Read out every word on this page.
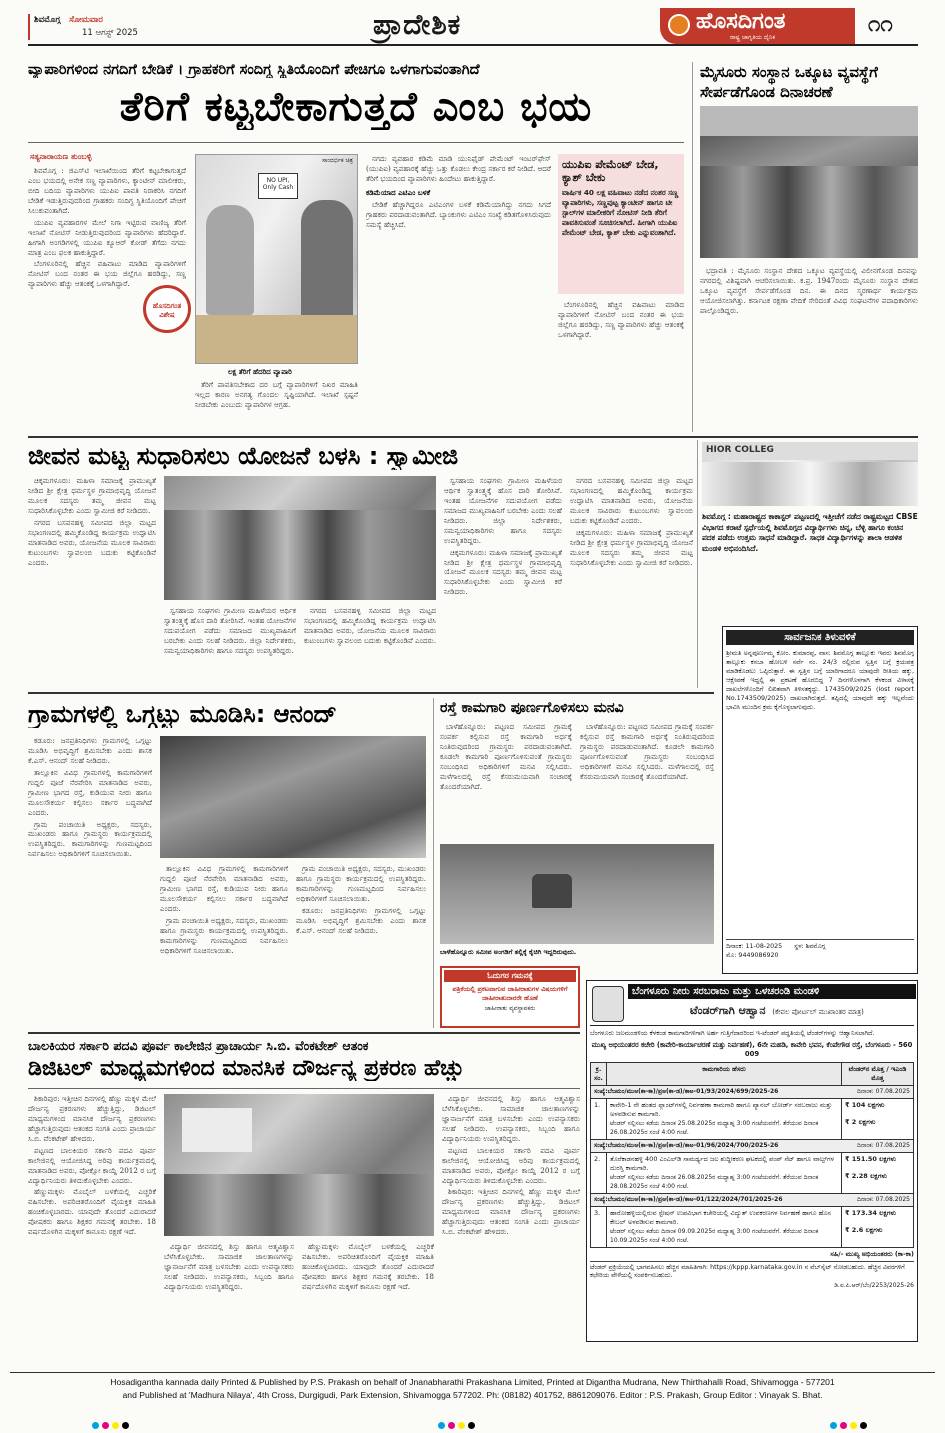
ಶಿವಮೊಗ್ಗ ಸೋಮವಾರ
11 ಆಗಸ್ಟ್ 2025	ಪ್ರಾದೇಶಿಕ	ಹೊಸದಿಗಂತ
ರಾಷ್ಟ್ರ ಜಾಗೃತಿಯ ದೈನಿಕ
೧೧
ವ್ಯಾಪಾರಿಗಳಿಂದ ನಗದಿಗೆ ಬೇಡಿಕೆ । ಗ್ರಾಹಕರಿಗೆ ಸಂದಿಗ್ಧ ಸ್ಥಿತಿಯೊಂದಿಗೆ ಪೇಚಿಗೂ ಒಳಗಾಗುವಂತಾಗಿದೆ
ತೆರಿಗೆ ಕಟ್ಟಬೇಕಾಗುತ್ತದೆ ಎಂಬ ಭಯ
ಸತ್ಯನಾರಾಯಣ ತುಂಬಳ್ಳಿ

ಶಿವಮೊಗ್ಗ : ಜಿಎಸ್‌ಟಿ ಇಲಾಖೆಯಿಂದ ತೆರಿಗೆ ಕಟ್ಟಬೇಕಾಗುತ್ತದೆ ಎಂಬ ಭಯದಲ್ಲಿ ಅನೇಕ ಸಣ್ಣ ವ್ಯಾಪಾರಿಗಳು, ಕ್ಯಾಂಟೀನ್ ಮಾಲೀಕರು, ಬೀದಿ ಬದಿಯ ವ್ಯಾಪಾರಿಗಳು ಯುಪಿಐ ಪಾವತಿ ನಿರಾಕರಿಸಿ ನಗದಿಗೆ ಬೇಡಿಕೆ ಇಡುತ್ತಿರುವುದರಿಂದ ಗ್ರಾಹಕರು ಸಂದಿಗ್ಧ ಸ್ಥಿತಿಯೊಂದಿಗೆ ಪೇಚಿಗೆ ಸಿಲುಕುವಂತಾಗಿದೆ.

ಯುಪಿಐ ವ್ಯವಹಾರಗಳ ಮೇಲೆ ನಿಗಾ ಇಟ್ಟಿರುವ ವಾಣಿಜ್ಯ ತೆರಿಗೆ ಇಲಾಖೆ ನೋಟಿಸ್ ನೀಡುತ್ತಿರುವುದರಿಂದ ವ್ಯಾಪಾರಿಗಳು ಹೆದರಿದ್ದಾರೆ. ಹೀಗಾಗಿ ಅಂಗಡಿಗಳಲ್ಲಿ ಯುಪಿಐ ಕ್ಯೂಆರ್ ಕೋಡ್ ತೆಗೆದು ನಗದು ಮಾತ್ರ ಎಂಬ ಫಲಕ ಹಾಕುತ್ತಿದ್ದಾರೆ.

ಬೆಂಗಳೂರಿನಲ್ಲಿ ಹೆಚ್ಚಿನ ವಹಿವಾಟು ಮಾಡಿದ ವ್ಯಾಪಾರಿಗಳಿಗೆ ನೋಟಿಸ್ ಬಂದ ನಂತರ ಈ ಭಯ ಜಿಲ್ಲೆಗೂ ಹರಡಿದ್ದು, ಸಣ್ಣ ವ್ಯಾಪಾರಿಗಳು ಹೆಚ್ಚು ಆತಂಕಕ್ಕೆ ಒಳಗಾಗಿದ್ದಾರೆ.

ಹೊಸದಿಗಂತ ವಿಶೇಷ
ಸಾಂದರ್ಭಿಕ ಚಿತ್ರ
NO UPI, Only Cash
ಲಕ್ಷ ತೆರಿಗೆ ಹೆದರಿದ ವ್ಯಾಪಾರಿ

ತೆರಿಗೆ ಪಾವತಿಸಬೇಕಾದ ದರ ಬಗ್ಗೆ ವ್ಯಾಪಾರಿಗಳಿಗೆ ನಿಖರ ಮಾಹಿತಿ ಇಲ್ಲದ ಕಾರಣ ಅನಗತ್ಯ ಗೊಂದಲ ಸೃಷ್ಟಿಯಾಗಿದೆ. ಇಲಾಖೆ ಸ್ಪಷ್ಟನೆ ನೀಡಬೇಕು ಎಂಬುದು ವ್ಯಾಪಾರಿಗಳ ಆಗ್ರಹ.

ನಗದು ವ್ಯವಹಾರ ಕಡಿಮೆ ಮಾಡಿ ಯುನಿಫೈಡ್ ಪೇಮೆಂಟ್ ಇಂಟರ್‌ಫೇಸ್ (ಯುಪಿಐ) ವ್ಯವಹಾರಕ್ಕೆ ಹೆಚ್ಚು ಒತ್ತು ಕೊಡಲು ಕೇಂದ್ರ ಸರ್ಕಾರ ಕರೆ ನೀಡಿದೆ. ಆದರೆ ತೆರಿಗೆ ಭಯದಿಂದ ವ್ಯಾಪಾರಿಗಳು ಹಿಂದೇಟು ಹಾಕುತ್ತಿದ್ದಾರೆ.

ಕಡಿಮೆಯಾದ ಎಟಿಎಂ ಬಳಕೆ

ಬೇಡಿಕೆ ಹೆಚ್ಚಾಗಿದ್ದರೂ ಎಟಿಎಂಗಳ ಬಳಕೆ ಕಡಿಮೆಯಾಗಿದ್ದು ನಗದು ಸಿಗದೆ ಗ್ರಾಹಕರು ಪರದಾಡುವಂತಾಗಿದೆ. ಬ್ಯಾಂಕುಗಳು ಎಟಿಎಂ ಸಂಖ್ಯೆ ಕಡಿತಗೊಳಿಸಿರುವುದು ಸಮಸ್ಯೆ ಹೆಚ್ಚಿಸಿದೆ.

ಯುಪಿಐ ಪೇಮೆಂಟ್ ಬೇಡ, ಕ್ಯಾಶ್ ಬೇಕು
ವಾರ್ಷಿಕ 40 ಲಕ್ಷ ವಹಿವಾಟು ನಡೆದ ನಂತರ ಸಣ್ಣ ವ್ಯಾಪಾರಿಗಳು, ಸಣ್ಣಪುಟ್ಟ ಕ್ಯಾಂಟೀನ್ ಹಾಗೂ ಟೀ ಸ್ಟಾಲ್‌ಗಳ ಮಾಲೀಕರಿಗೆ ನೋಟಿಸ್ ನೀಡಿ ತೆರಿಗೆ ಪಾವತಿಸುವಂತೆ ಸೂಚಿಸಲಾಗಿದೆ. ಹೀಗಾಗಿ ಯುಪಿಐ ಪೇಮೆಂಟ್ ಬೇಡ, ಕ್ಯಾಶ್ ಬೇಕು ಎನ್ನುವಂತಾಗಿದೆ.

ಬೆಂಗಳೂರಿನಲ್ಲಿ ಹೆಚ್ಚಿನ ವಹಿವಾಟು ಮಾಡಿದ ವ್ಯಾಪಾರಿಗಳಿಗೆ ನೋಟಿಸ್ ಬಂದ ನಂತರ ಈ ಭಯ ಜಿಲ್ಲೆಗೂ ಹರಡಿದ್ದು, ಸಣ್ಣ ವ್ಯಾಪಾರಿಗಳು ಹೆಚ್ಚು ಆತಂಕಕ್ಕೆ ಒಳಗಾಗಿದ್ದಾರೆ.

ಮೈಸೂರು ಸಂಸ್ಥಾನ ಒಕ್ಕೂಟ ವ್ಯವಸ್ಥೆಗೆ ಸೇರ್ಪಡೆಗೊಂಡ ದಿನಾಚರಣೆ
ಭದ್ರಾವತಿ : ಮೈಸೂರು ಸಂಸ್ಥಾನ ದೇಶದ ಒಕ್ಕೂಟ ವ್ಯವಸ್ಥೆಯಲ್ಲಿ ವಿಲೀನಗೊಂಡ ದಿನವನ್ನು ನಗರದಲ್ಲಿ ವಿಶಿಷ್ಟವಾಗಿ ಆಚರಿಸಲಾಯಿತು. ಕ.ಪ್ರ. 1947ರಂದು ಮೈಸೂರು ಸಂಸ್ಥಾನ ದೇಶದ ಒಕ್ಕೂಟ ವ್ಯವಸ್ಥೆಗೆ ಸೇರ್ಪಡೆಗೊಂಡ ದಿನ. ಈ ದಿನದ ಸ್ಮರಣಾರ್ಥ ಕಾರ್ಯಕ್ರಮ ಆಯೋಜಿಸಲಾಗಿತ್ತು. ಕರ್ನಾಟಕ ರಕ್ಷಣಾ ವೇದಿಕೆ ಸೇರಿದಂತೆ ವಿವಿಧ ಸಂಘಟನೆಗಳ ಪದಾಧಿಕಾರಿಗಳು ಪಾಲ್ಗೊಂಡಿದ್ದರು.
ಜೀವನ ಮಟ್ಟ ಸುಧಾರಿಸಲು ಯೋಜನೆ ಬಳಸಿ : ಸ್ವಾಮೀಜಿ

ಚಿಕ್ಕಮಗಳೂರು: ಮಹಿಳಾ ಸಮಾಜಕ್ಕೆ ಪ್ರಾಮುಖ್ಯತೆ ನೀಡಿದ ಶ್ರೀ ಕ್ಷೇತ್ರ ಧರ್ಮಸ್ಥಳ ಗ್ರಾಮಾಭಿವೃದ್ಧಿ ಯೋಜನೆ ಮೂಲಕ ಸದಸ್ಯರು ತಮ್ಮ ಜೀವನ ಮಟ್ಟ ಸುಧಾರಿಸಿಕೊಳ್ಳಬೇಕು ಎಂದು ಸ್ವಾಮೀಜಿ ಕರೆ ನೀಡಿದರು.

ನಗರದ ಬಸವನಹಳ್ಳಿ ಸಮೀಪದ ಜಿಲ್ಲಾ ಮಟ್ಟದ ಸಭಾಂಗಣದಲ್ಲಿ ಹಮ್ಮಿಕೊಂಡಿದ್ದ ಕಾರ್ಯಕ್ರಮ ಉದ್ಘಾಟಿಸಿ ಮಾತನಾಡಿದ ಅವರು, ಯೋಜನೆಯ ಮೂಲಕ ಸಾವಿರಾರು ಕುಟುಂಬಗಳು ಸ್ವಾವಲಂಬಿ ಬದುಕು ಕಟ್ಟಿಕೊಂಡಿವೆ ಎಂದರು.

ಸ್ವಸಹಾಯ ಸಂಘಗಳು ಗ್ರಾಮೀಣ ಮಹಿಳೆಯರ ಆರ್ಥಿಕ ಸ್ವಾತಂತ್ರ್ಯಕ್ಕೆ ಹೊಸ ದಾರಿ ತೋರಿಸಿವೆ. ಇಂತಹ ಯೋಜನೆಗಳ ಸದುಪಯೋಗ ಪಡೆದು ಸಮಾಜದ ಮುಖ್ಯವಾಹಿನಿಗೆ ಬರಬೇಕು ಎಂದು ಸಲಹೆ ನೀಡಿದರು. ಜಿಲ್ಲಾ ನಿರ್ದೇಶಕರು, ಸಮನ್ವಯಾಧಿಕಾರಿಗಳು ಹಾಗೂ ಸದಸ್ಯರು ಉಪಸ್ಥಿತರಿದ್ದರು.

ನಗರದ ಬಸವನಹಳ್ಳಿ ಸಮೀಪದ ಜಿಲ್ಲಾ ಮಟ್ಟದ ಸಭಾಂಗಣದಲ್ಲಿ ಹಮ್ಮಿಕೊಂಡಿದ್ದ ಕಾರ್ಯಕ್ರಮ ಉದ್ಘಾಟಿಸಿ ಮಾತನಾಡಿದ ಅವರು, ಯೋಜನೆಯ ಮೂಲಕ ಸಾವಿರಾರು ಕುಟುಂಬಗಳು ಸ್ವಾವಲಂಬಿ ಬದುಕು ಕಟ್ಟಿಕೊಂಡಿವೆ ಎಂದರು.

ಸ್ವಸಹಾಯ ಸಂಘಗಳು ಗ್ರಾಮೀಣ ಮಹಿಳೆಯರ ಆರ್ಥಿಕ ಸ್ವಾತಂತ್ರ್ಯಕ್ಕೆ ಹೊಸ ದಾರಿ ತೋರಿಸಿವೆ. ಇಂತಹ ಯೋಜನೆಗಳ ಸದುಪಯೋಗ ಪಡೆದು ಸಮಾಜದ ಮುಖ್ಯವಾಹಿನಿಗೆ ಬರಬೇಕು ಎಂದು ಸಲಹೆ ನೀಡಿದರು. ಜಿಲ್ಲಾ ನಿರ್ದೇಶಕರು, ಸಮನ್ವಯಾಧಿಕಾರಿಗಳು ಹಾಗೂ ಸದಸ್ಯರು ಉಪಸ್ಥಿತರಿದ್ದರು.

ಚಿಕ್ಕಮಗಳೂರು: ಮಹಿಳಾ ಸಮಾಜಕ್ಕೆ ಪ್ರಾಮುಖ್ಯತೆ ನೀಡಿದ ಶ್ರೀ ಕ್ಷೇತ್ರ ಧರ್ಮಸ್ಥಳ ಗ್ರಾಮಾಭಿವೃದ್ಧಿ ಯೋಜನೆ ಮೂಲಕ ಸದಸ್ಯರು ತಮ್ಮ ಜೀವನ ಮಟ್ಟ ಸುಧಾರಿಸಿಕೊಳ್ಳಬೇಕು ಎಂದು ಸ್ವಾಮೀಜಿ ಕರೆ ನೀಡಿದರು.

ನಗರದ ಬಸವನಹಳ್ಳಿ ಸಮೀಪದ ಜಿಲ್ಲಾ ಮಟ್ಟದ ಸಭಾಂಗಣದಲ್ಲಿ ಹಮ್ಮಿಕೊಂಡಿದ್ದ ಕಾರ್ಯಕ್ರಮ ಉದ್ಘಾಟಿಸಿ ಮಾತನಾಡಿದ ಅವರು, ಯೋಜನೆಯ ಮೂಲಕ ಸಾವಿರಾರು ಕುಟುಂಬಗಳು ಸ್ವಾವಲಂಬಿ ಬದುಕು ಕಟ್ಟಿಕೊಂಡಿವೆ ಎಂದರು.

ಚಿಕ್ಕಮಗಳೂರು: ಮಹಿಳಾ ಸಮಾಜಕ್ಕೆ ಪ್ರಾಮುಖ್ಯತೆ ನೀಡಿದ ಶ್ರೀ ಕ್ಷೇತ್ರ ಧರ್ಮಸ್ಥಳ ಗ್ರಾಮಾಭಿವೃದ್ಧಿ ಯೋಜನೆ ಮೂಲಕ ಸದಸ್ಯರು ತಮ್ಮ ಜೀವನ ಮಟ್ಟ ಸುಧಾರಿಸಿಕೊಳ್ಳಬೇಕು ಎಂದು ಸ್ವಾಮೀಜಿ ಕರೆ ನೀಡಿದರು.

HIOR COLLEG
ಶಿವಮೊಗ್ಗ : ಮಹಾರಾಷ್ಟ್ರದ ಕಾಕಾಸ್ಟರ್ ಪಟ್ಟಣದಲ್ಲಿ ಇತ್ತೀಚೆಗೆ ನಡೆದ ರಾಷ್ಟ್ರಮಟ್ಟದ CBSE ವಿಭಾಗದ ಕರಾಟೆ ಸ್ಪರ್ಧೆಯಲ್ಲಿ ಶಿವಮೊಗ್ಗದ ವಿದ್ಯಾರ್ಥಿಗಳು ಚಿನ್ನ, ಬೆಳ್ಳಿ ಹಾಗೂ ಕಂಚಿನ ಪದಕ ಪಡೆದು ಉತ್ತಮ ಸಾಧನೆ ಮಾಡಿದ್ದಾರೆ. ಸಾಧಕ ವಿದ್ಯಾರ್ಥಿಗಳನ್ನು ಶಾಲಾ ಆಡಳಿತ ಮಂಡಳಿ ಅಭಿನಂದಿಸಿದೆ.
ಸಾರ್ವಜನಿಕ ತಿಳುವಳಿಕೆ
ಶ್ರೀಮತಿ ಅನ್ನಪೂರ್ಣಮ್ಮ ಕೋಂ. ಕುಮಾರಪ್ಪ, ವಾಸ: ಶಿವಮೊಗ್ಗ ತಾಲ್ಲೂಕು ಇವರು ಶಿವಮೊಗ್ಗ ತಾಲ್ಲೂಕು ಕಸಬಾ ಹೋಬಳಿ ಸರ್ವೆ ನಂ. 24/3 ರಲ್ಲಿರುವ ಸ್ವತ್ತಿನ ಬಗ್ಗೆ ಕ್ರಯಪತ್ರ ಮಾಡಿಕೊಡಲು ಒಪ್ಪಿರುತ್ತಾರೆ. ಈ ಸ್ವತ್ತಿನ ಬಗ್ಗೆ ಯಾರಿಗಾದರೂ ಯಾವುದೇ ರೀತಿಯ ಹಕ್ಕು, ಆಕ್ಷೇಪಣೆ ಇದ್ದಲ್ಲಿ ಈ ಪ್ರಕಟಣೆ ಹೊರಬಿದ್ದ 7 ದಿನಗಳೊಳಗಾಗಿ ಕೆಳಕಂಡ ವಿಳಾಸಕ್ಕೆ ದಾಖಲೆಗಳೊಂದಿಗೆ ಲಿಖಿತವಾಗಿ ತಿಳಿಸತಕ್ಕದ್ದು. 1743509/2025 (lost report No.1743509/2025) ದಾಖಲಾಗಿರುತ್ತದೆ. ತಪ್ಪಿದಲ್ಲಿ ಯಾವುದೇ ಹಕ್ಕು ಇಲ್ಲವೆಂದು ಭಾವಿಸಿ ಮುಂದಿನ ಕ್ರಮ ಕೈಗೊಳ್ಳಲಾಗುವುದು.
ದಿನಾಂಕ: 11-08-2025 ಸ್ಥಳ: ಶಿವಮೊಗ್ಗ
ಮೊ: 9449086920
ಗ್ರಾಮಗಳಲ್ಲಿ ಒಗ್ಗಟ್ಟು ಮೂಡಿಸಿ: ಆನಂದ್

ಕಡೂರು: ಜನಪ್ರತಿನಿಧಿಗಳು ಗ್ರಾಮಗಳಲ್ಲಿ ಒಗ್ಗಟ್ಟು ಮೂಡಿಸಿ ಅಭಿವೃದ್ಧಿಗೆ ಶ್ರಮಿಸಬೇಕು ಎಂದು ಶಾಸಕ ಕೆ.ಎಸ್. ಆನಂದ್ ಸಲಹೆ ನೀಡಿದರು.

ತಾಲ್ಲೂಕಿನ ವಿವಿಧ ಗ್ರಾಮಗಳಲ್ಲಿ ಕಾಮಗಾರಿಗಳಿಗೆ ಗುದ್ದಲಿ ಪೂಜೆ ನೆರವೇರಿಸಿ ಮಾತನಾಡಿದ ಅವರು, ಗ್ರಾಮೀಣ ಭಾಗದ ರಸ್ತೆ, ಕುಡಿಯುವ ನೀರು ಹಾಗೂ ಮೂಲಸೌಕರ್ಯ ಕಲ್ಪಿಸಲು ಸರ್ಕಾರ ಬದ್ಧವಾಗಿದೆ ಎಂದರು.

ಗ್ರಾಮ ಪಂಚಾಯಿತಿ ಅಧ್ಯಕ್ಷರು, ಸದಸ್ಯರು, ಮುಖಂಡರು ಹಾಗೂ ಗ್ರಾಮಸ್ಥರು ಕಾರ್ಯಕ್ರಮದಲ್ಲಿ ಉಪಸ್ಥಿತರಿದ್ದರು. ಕಾಮಗಾರಿಗಳನ್ನು ಗುಣಮಟ್ಟದಿಂದ ನಿರ್ವಹಿಸಲು ಅಧಿಕಾರಿಗಳಿಗೆ ಸೂಚಿಸಲಾಯಿತು.

ತಾಲ್ಲೂಕಿನ ವಿವಿಧ ಗ್ರಾಮಗಳಲ್ಲಿ ಕಾಮಗಾರಿಗಳಿಗೆ ಗುದ್ದಲಿ ಪೂಜೆ ನೆರವೇರಿಸಿ ಮಾತನಾಡಿದ ಅವರು, ಗ್ರಾಮೀಣ ಭಾಗದ ರಸ್ತೆ, ಕುಡಿಯುವ ನೀರು ಹಾಗೂ ಮೂಲಸೌಕರ್ಯ ಕಲ್ಪಿಸಲು ಸರ್ಕಾರ ಬದ್ಧವಾಗಿದೆ ಎಂದರು.

ಗ್ರಾಮ ಪಂಚಾಯಿತಿ ಅಧ್ಯಕ್ಷರು, ಸದಸ್ಯರು, ಮುಖಂಡರು ಹಾಗೂ ಗ್ರಾಮಸ್ಥರು ಕಾರ್ಯಕ್ರಮದಲ್ಲಿ ಉಪಸ್ಥಿತರಿದ್ದರು. ಕಾಮಗಾರಿಗಳನ್ನು ಗುಣಮಟ್ಟದಿಂದ ನಿರ್ವಹಿಸಲು ಅಧಿಕಾರಿಗಳಿಗೆ ಸೂಚಿಸಲಾಯಿತು.

ಗ್ರಾಮ ಪಂಚಾಯಿತಿ ಅಧ್ಯಕ್ಷರು, ಸದಸ್ಯರು, ಮುಖಂಡರು ಹಾಗೂ ಗ್ರಾಮಸ್ಥರು ಕಾರ್ಯಕ್ರಮದಲ್ಲಿ ಉಪಸ್ಥಿತರಿದ್ದರು. ಕಾಮಗಾರಿಗಳನ್ನು ಗುಣಮಟ್ಟದಿಂದ ನಿರ್ವಹಿಸಲು ಅಧಿಕಾರಿಗಳಿಗೆ ಸೂಚಿಸಲಾಯಿತು.

ಕಡೂರು: ಜನಪ್ರತಿನಿಧಿಗಳು ಗ್ರಾಮಗಳಲ್ಲಿ ಒಗ್ಗಟ್ಟು ಮೂಡಿಸಿ ಅಭಿವೃದ್ಧಿಗೆ ಶ್ರಮಿಸಬೇಕು ಎಂದು ಶಾಸಕ ಕೆ.ಎಸ್. ಆನಂದ್ ಸಲಹೆ ನೀಡಿದರು.

ರಸ್ತೆ ಕಾಮಗಾರಿ ಪೂರ್ಣಗೊಳಿಸಲು ಮನವಿ

ಬಾಳೆಹೊನ್ನೂರು: ಪಟ್ಟಣದ ಸಮೀಪದ ಗ್ರಾಮಕ್ಕೆ ಸಂಪರ್ಕ ಕಲ್ಪಿಸುವ ರಸ್ತೆ ಕಾಮಗಾರಿ ಅರ್ಧಕ್ಕೆ ನಿಂತಿರುವುದರಿಂದ ಗ್ರಾಮಸ್ಥರು ಪರದಾಡುವಂತಾಗಿದೆ. ಕೂಡಲೇ ಕಾಮಗಾರಿ ಪೂರ್ಣಗೊಳಿಸುವಂತೆ ಗ್ರಾಮಸ್ಥರು ಸಂಬಂಧಿಸಿದ ಅಧಿಕಾರಿಗಳಿಗೆ ಮನವಿ ಸಲ್ಲಿಸಿದರು. ಮಳೆಗಾಲದಲ್ಲಿ ರಸ್ತೆ ಕೆಸರುಮಯವಾಗಿ ಸಂಚಾರಕ್ಕೆ ತೊಂದರೆಯಾಗಿದೆ.

ಬಾಳೆಹೊನ್ನೂರು: ಪಟ್ಟಣದ ಸಮೀಪದ ಗ್ರಾಮಕ್ಕೆ ಸಂಪರ್ಕ ಕಲ್ಪಿಸುವ ರಸ್ತೆ ಕಾಮಗಾರಿ ಅರ್ಧಕ್ಕೆ ನಿಂತಿರುವುದರಿಂದ ಗ್ರಾಮಸ್ಥರು ಪರದಾಡುವಂತಾಗಿದೆ. ಕೂಡಲೇ ಕಾಮಗಾರಿ ಪೂರ್ಣಗೊಳಿಸುವಂತೆ ಗ್ರಾಮಸ್ಥರು ಸಂಬಂಧಿಸಿದ ಅಧಿಕಾರಿಗಳಿಗೆ ಮನವಿ ಸಲ್ಲಿಸಿದರು. ಮಳೆಗಾಲದಲ್ಲಿ ರಸ್ತೆ ಕೆಸರುಮಯವಾಗಿ ಸಂಚಾರಕ್ಕೆ ತೊಂದರೆಯಾಗಿದೆ.

ಬಾಳೆಹೊನ್ನೂರು ಸಮೀಪ ಅಂಗಡಿಗೆ ತಲ್ಲಿಕ್ಕೆ ಕೈಚಿಗಿ ಇದ್ದದಿರುವುದು.
ಓದುಗರ ಗಮನಕ್ಕೆ
ಪತ್ರಿಕೆಯಲ್ಲಿ ಪ್ರಕಟವಾಗುವ ಜಾಹೀರಾತುಗಳ ವಿಷಯಗಳಿಗೆ ಜಾಹೀರಾತುದಾರರೇ ಹೊಣೆ
ಜಾಹೀರಾತು ವ್ಯವಸ್ಥಾಪಕರು
ಬೆಂಗಳೂರು ನೀರು ಸರಬರಾಜು ಮತ್ತು ಒಳಚರಂಡಿ ಮಂಡಳಿ
ಟೆಂಡರ್‌ಗಾಗಿ ಆಹ್ವಾನ (ಕೇವಲ ಪೋರ್ಟಲ್ ಮುಖಾಂತರ ಮಾತ್ರ)
ಬೆಂಗಳೂರು ಜಲಮಂಡಳಿಯ ಕೆಳಕಂಡ ಕಾಮಗಾರಿಗಳಿಗಾಗಿ ಅರ್ಹ ಗುತ್ತಿಗೆದಾರರಿಂದ ಇ-ಟೆಂಡರ್ ಪದ್ಧತಿಯಲ್ಲಿ ಟೆಂಡರ್‌ಗಳನ್ನು ಆಹ್ವಾನಿಸಲಾಗಿದೆ.
ಮುಖ್ಯ ಅಭಿಯಂತರರ ಕಚೇರಿ (ಕಾವೇರಿ-ಕಾರ್ಯಾಚರಣೆ ಮತ್ತು ನಿರ್ವಹಣೆ), 6ನೇ ಮಹಡಿ, ಕಾವೇರಿ ಭವನ, ಕೆಂಪೇಗೌಡ ರಸ್ತೆ, ಬೆಂಗಳೂರು - 560 009
ಕ್ರ. ಸಂ.	ಕಾಮಗಾರಿಯ ಹೆಸರು	ಟೆಂಡರ್‌ನ ಮೊತ್ತ / ಇಎಂಡಿ ಮೊತ್ತ
ಸಂಖ್ಯೆ:ಬೆಜಮಂ/ಮುಅ(ಕಾ-ಕಾ)/ಪ್ರಅ(ಕಾ-ಡ)/ಕಾಅ-01/93/2024/699/2025-26 ದಿನಾಂಕ: 07.08.2025		

1.	ಕಾವೇರಿ-1 ನೇ ಹಂತದ ಪ್ಲಾಂಟ್‌ಗಳಲ್ಲಿ ನಿರ್ವಹಣಾ ಕಾಮಗಾರಿ ಹಾಗೂ ಪ್ಯಾನಲ್ ಬೋರ್ಡ್ ಸರಬರಾಜು ಮತ್ತು ಅಳವಡಿಸುವ ಕಾಮಗಾರಿ.
ಟೆಂಡರ್ ಸಲ್ಲಿಸಲು ಕಡೆಯ ದಿನಾಂಕ 25.08.2025ರ ಮಧ್ಯಾಹ್ನ 3:00 ಗಂಟೆಯವರೆಗೆ. ತೆರೆಯುವ ದಿನಾಂಕ 26.08.2025ರ ಸಂಜೆ 4:00 ಗಂಟೆ.	₹ 104 ಲಕ್ಷಗಳು

₹ 2 ಲಕ್ಷಗಳು
ಸಂಖ್ಯೆ:ಬೆಜಮಂ/ಮುಅ(ಕಾ-ಕಾ)/ಪ್ರಅ(ಕಾ-ಡ)/ಕಾಅ-01/96/2024/700/2025-26 ದಿನಾಂಕ: 07.08.2025		

2.	ತೊರೆಕಾಡನಹಳ್ಳಿ 400 ಎಂಎಲ್‌ಡಿ ಸಾಮರ್ಥ್ಯದ ಜಲ ಶುದ್ಧೀಕರಣ ಘಟಕದಲ್ಲಿ ಪಂಪ್ ಸೆಟ್ ಹಾಗೂ ವಾಲ್ವ್‌ಗಳ ದುರಸ್ತಿ ಕಾಮಗಾರಿ.
ಟೆಂಡರ್ ಸಲ್ಲಿಸಲು ಕಡೆಯ ದಿನಾಂಕ 26.08.2025ರ ಮಧ್ಯಾಹ್ನ 3:00 ಗಂಟೆಯವರೆಗೆ. ತೆರೆಯುವ ದಿನಾಂಕ 28.08.2025ರ ಸಂಜೆ 4:00 ಗಂಟೆ.	₹ 151.50 ಲಕ್ಷಗಳು

₹ 2.28 ಲಕ್ಷಗಳು
ಸಂಖ್ಯೆ:ಬೆಜಮಂ/ಮುಅ(ಕಾ-ಕಾ)/ಪ್ರಅ(ಕಾ-ಡ)/ಕಾಅ-01/122/2024/701/2025-26 ದಿನಾಂಕ: 07.08.2025		

3.	ಹಾರೋಹಳ್ಳಿಯಲ್ಲಿರುವ ಸ್ಟೇಷನ್ ಉಪವಿಭಾಗ ಕಚೇರಿಯಲ್ಲಿ ವಿದ್ಯುತ್ ಉಪಕರಣಗಳ ನಿರ್ವಹಣೆ ಹಾಗೂ ಹೊಸ ಕೇಬಲ್ ಅಳವಡಿಸುವ ಕಾಮಗಾರಿ.
ಟೆಂಡರ್ ಸಲ್ಲಿಸಲು ಕಡೆಯ ದಿನಾಂಕ 09.09.2025ರ ಮಧ್ಯಾಹ್ನ 3:00 ಗಂಟೆಯವರೆಗೆ. ತೆರೆಯುವ ದಿನಾಂಕ 10.09.2025ರ ಸಂಜೆ 4:00 ಗಂಟೆ.	₹ 173.34 ಲಕ್ಷಗಳು

₹ 2.6 ಲಕ್ಷಗಳು
ಸಹಿ/- ಮುಖ್ಯ ಅಭಿಯಂತರರು (ಕಾ-ಕಾ)
ಟೆಂಡರ್ ಪ್ರಕ್ರಿಯೆಯಲ್ಲಿ ಭಾಗವಹಿಸಲು ಹೆಚ್ಚಿನ ಮಾಹಿತಿಗಾಗಿ: https://kppp.karnataka.gov.in ನ ವೆಬ್‌ಸೈಟ್ ನೋಡಬಹುದು. ಹೆಚ್ಚಿನ ವಿವರಗಳಿಗೆ ಕಛೇರಿಯ ವೇಳೆಯಲ್ಲಿ ಸಂಪರ್ಕಿಸಬಹುದು.
ಡಿ.ಐ.ಪಿ.ಆರ್/ಬೆಂ/2253/2025-26
ಬಾಲಕಿಯರ ಸರ್ಕಾರಿ ಪದವಿ ಪೂರ್ವ ಕಾಲೇಜಿನ ಪ್ರಾಚಾರ್ಯ ಸಿ.ಬಿ. ವೆಂಕಟೇಶ್ ಆತಂಕ
ಡಿಜಿಟಲ್ ಮಾಧ್ಯಮಗಳಿಂದ ಮಾನಸಿಕ ದೌರ್ಜನ್ಯ ಪ್ರಕರಣ ಹೆಚ್ಚು

ಶಿಕಾರಿಪುರ: ಇತ್ತೀಚಿನ ದಿನಗಳಲ್ಲಿ ಹೆಣ್ಣು ಮಕ್ಕಳ ಮೇಲೆ ದೌರ್ಜನ್ಯ ಪ್ರಕರಣಗಳು ಹೆಚ್ಚುತ್ತಿದ್ದು, ಡಿಜಿಟಲ್ ಮಾಧ್ಯಮಗಳಿಂದ ಮಾನಸಿಕ ದೌರ್ಜನ್ಯ ಪ್ರಕರಣಗಳು ಹೆಚ್ಚಾಗುತ್ತಿರುವುದು ಆತಂಕದ ಸಂಗತಿ ಎಂದು ಪ್ರಾಚಾರ್ಯ ಸಿ.ಬಿ. ವೆಂಕಟೇಶ್ ಹೇಳಿದರು.

ಪಟ್ಟಣದ ಬಾಲಕಿಯರ ಸರ್ಕಾರಿ ಪದವಿ ಪೂರ್ವ ಕಾಲೇಜಿನಲ್ಲಿ ಆಯೋಜಿಸಿದ್ದ ಅರಿವು ಕಾರ್ಯಕ್ರಮದಲ್ಲಿ ಮಾತನಾಡಿದ ಅವರು, ಪೋಕ್ಸೋ ಕಾಯ್ದೆ 2012 ರ ಬಗ್ಗೆ ವಿದ್ಯಾರ್ಥಿನಿಯರು ತಿಳಿದುಕೊಳ್ಳಬೇಕು ಎಂದರು.

ಹೆಣ್ಣುಮಕ್ಕಳು ಮೊಬೈಲ್ ಬಳಕೆಯಲ್ಲಿ ಎಚ್ಚರಿಕೆ ವಹಿಸಬೇಕು. ಅಪರಿಚಿತರೊಂದಿಗೆ ವೈಯಕ್ತಿಕ ಮಾಹಿತಿ ಹಂಚಿಕೊಳ್ಳಬಾರದು. ಯಾವುದೇ ತೊಂದರೆ ಎದುರಾದರೆ ಪೋಷಕರು ಹಾಗೂ ಶಿಕ್ಷಕರ ಗಮನಕ್ಕೆ ತರಬೇಕು. 18 ವರ್ಷದೊಳಗಿನ ಮಕ್ಕಳಿಗೆ ಕಾನೂನು ರಕ್ಷಣೆ ಇದೆ.

ವಿದ್ಯಾರ್ಥಿ ಜೀವನದಲ್ಲಿ ಶಿಸ್ತು ಹಾಗೂ ಆತ್ಮವಿಶ್ವಾಸ ಬೆಳೆಸಿಕೊಳ್ಳಬೇಕು. ಸಾಮಾಜಿಕ ಜಾಲತಾಣಗಳನ್ನು ಜ್ಞಾನಾರ್ಜನೆಗೆ ಮಾತ್ರ ಬಳಸಬೇಕು ಎಂದು ಉಪನ್ಯಾಸಕರು ಸಲಹೆ ನೀಡಿದರು. ಉಪನ್ಯಾಸಕರು, ಸಿಬ್ಬಂದಿ ಹಾಗೂ ವಿದ್ಯಾರ್ಥಿನಿಯರು ಉಪಸ್ಥಿತರಿದ್ದರು.

ಹೆಣ್ಣುಮಕ್ಕಳು ಮೊಬೈಲ್ ಬಳಕೆಯಲ್ಲಿ ಎಚ್ಚರಿಕೆ ವಹಿಸಬೇಕು. ಅಪರಿಚಿತರೊಂದಿಗೆ ವೈಯಕ್ತಿಕ ಮಾಹಿತಿ ಹಂಚಿಕೊಳ್ಳಬಾರದು. ಯಾವುದೇ ತೊಂದರೆ ಎದುರಾದರೆ ಪೋಷಕರು ಹಾಗೂ ಶಿಕ್ಷಕರ ಗಮನಕ್ಕೆ ತರಬೇಕು. 18 ವರ್ಷದೊಳಗಿನ ಮಕ್ಕಳಿಗೆ ಕಾನೂನು ರಕ್ಷಣೆ ಇದೆ.

ವಿದ್ಯಾರ್ಥಿ ಜೀವನದಲ್ಲಿ ಶಿಸ್ತು ಹಾಗೂ ಆತ್ಮವಿಶ್ವಾಸ ಬೆಳೆಸಿಕೊಳ್ಳಬೇಕು. ಸಾಮಾಜಿಕ ಜಾಲತಾಣಗಳನ್ನು ಜ್ಞಾನಾರ್ಜನೆಗೆ ಮಾತ್ರ ಬಳಸಬೇಕು ಎಂದು ಉಪನ್ಯಾಸಕರು ಸಲಹೆ ನೀಡಿದರು. ಉಪನ್ಯಾಸಕರು, ಸಿಬ್ಬಂದಿ ಹಾಗೂ ವಿದ್ಯಾರ್ಥಿನಿಯರು ಉಪಸ್ಥಿತರಿದ್ದರು.

ಪಟ್ಟಣದ ಬಾಲಕಿಯರ ಸರ್ಕಾರಿ ಪದವಿ ಪೂರ್ವ ಕಾಲೇಜಿನಲ್ಲಿ ಆಯೋಜಿಸಿದ್ದ ಅರಿವು ಕಾರ್ಯಕ್ರಮದಲ್ಲಿ ಮಾತನಾಡಿದ ಅವರು, ಪೋಕ್ಸೋ ಕಾಯ್ದೆ 2012 ರ ಬಗ್ಗೆ ವಿದ್ಯಾರ್ಥಿನಿಯರು ತಿಳಿದುಕೊಳ್ಳಬೇಕು ಎಂದರು.

ಶಿಕಾರಿಪುರ: ಇತ್ತೀಚಿನ ದಿನಗಳಲ್ಲಿ ಹೆಣ್ಣು ಮಕ್ಕಳ ಮೇಲೆ ದೌರ್ಜನ್ಯ ಪ್ರಕರಣಗಳು ಹೆಚ್ಚುತ್ತಿದ್ದು, ಡಿಜಿಟಲ್ ಮಾಧ್ಯಮಗಳಿಂದ ಮಾನಸಿಕ ದೌರ್ಜನ್ಯ ಪ್ರಕರಣಗಳು ಹೆಚ್ಚಾಗುತ್ತಿರುವುದು ಆತಂಕದ ಸಂಗತಿ ಎಂದು ಪ್ರಾಚಾರ್ಯ ಸಿ.ಬಿ. ವೆಂಕಟೇಶ್ ಹೇಳಿದರು.

Hosadigantha kannada daily Printed & Published by P.S. Prakash on behalf of Jnanabharathi Prakashana Limited, Printed at Digantha Mudrana, New Thirthahalli Road, Shivamogga - 577201
and Published at 'Madhura Nilaya', 4th Cross, Durgigudi, Park Extension, Shivamogga 577202. Ph: (08182) 401752, 8861209076. Editor : P.S. Prakash, Group Editor : Vinayak S. Bhat.
